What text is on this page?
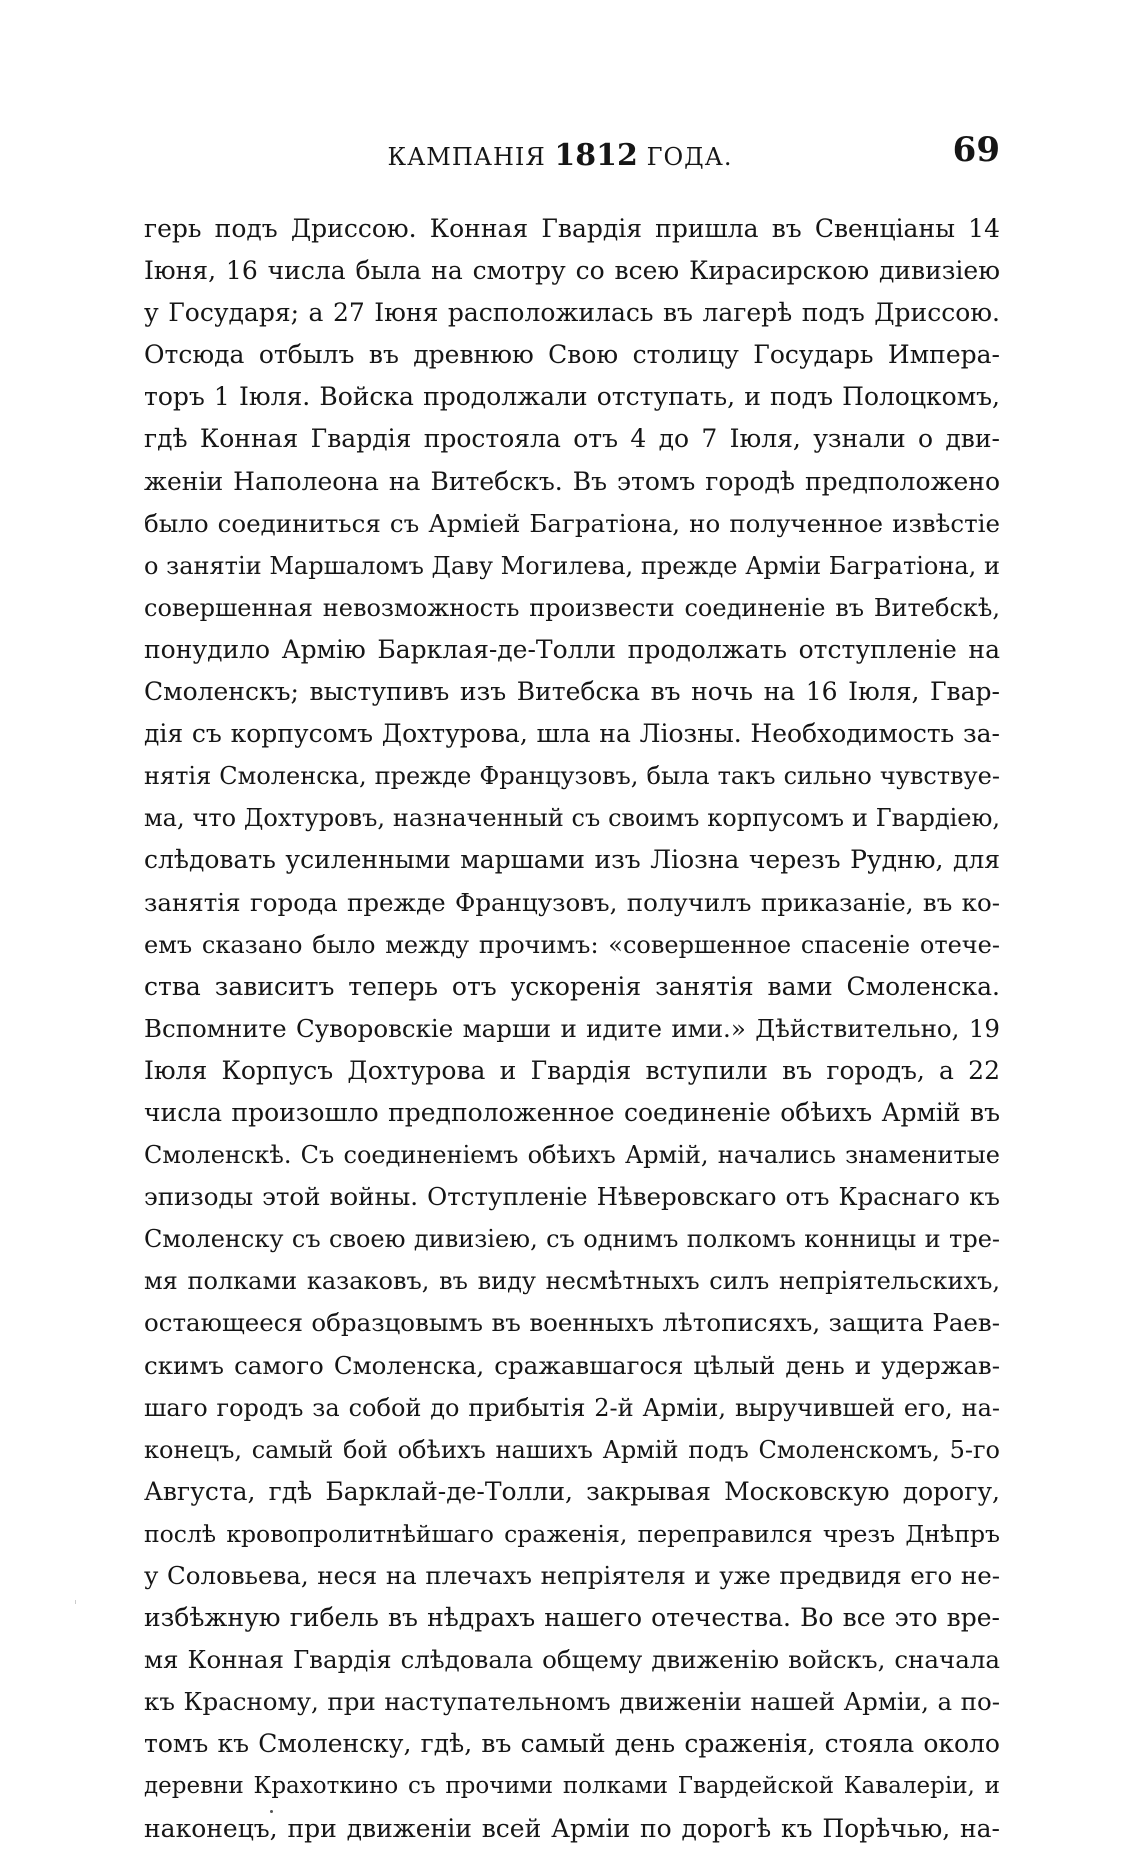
КАМПАНІЯ 1812 ГОДА.	69
герь подъ Дриссою. Конная Гвардія пришла въ Свенціаны 14
Іюня, 16 числа была на смотру со всею Кирасирскою дивизіею
у Государя; а 27 Іюня расположилась въ лагерѣ подъ Дриссою.
Отсюда отбылъ въ древнюю Свою столицу Государь Импера-
торъ 1 Іюля. Войска продолжали отступать, и подъ Полоцкомъ,
гдѣ Конная Гвардія простояла отъ 4 до 7 Іюля, узнали о дви-
женіи Наполеона на Витебскъ. Въ этомъ городѣ предположено
было соединиться съ Арміей Багратіона, но полученное извѣстіе
о занятіи Маршаломъ Даву Могилева, прежде Арміи Багратіона, и
совершенная невозможность произвести соединеніе въ Витебскѣ,
понудило Армію Барклая-де-Толли продолжать отступленіе на
Смоленскъ; выступивъ изъ Витебска въ ночь на 16 Іюля, Гвар-
дія съ корпусомъ Дохтурова, шла на Ліозны. Необходимость за-
нятія Смоленска, прежде Французовъ, была такъ сильно чувствуе-
ма, что Дохтуровъ, назначенный съ своимъ корпусомъ и Гвардіею,
слѣдовать усиленными маршами изъ Ліозна черезъ Рудню, для
занятія города прежде Французовъ, получилъ приказаніе, въ ко-
емъ сказано было между прочимъ: «совершенное спасеніе отече-
ства зависитъ теперь отъ ускоренія занятія вами Смоленска.
Вспомните Суворовскіе марши и идите ими.» Дѣйствительно, 19
Іюля Корпусъ Дохтурова и Гвардія вступили въ городъ, а 22
числа произошло предположенное соединеніе обѣихъ Армій въ
Смоленскѣ. Съ соединеніемъ обѣихъ Армій, начались знаменитые
эпизоды этой войны. Отступленіе Нѣверовскаго отъ Краснаго къ
Смоленску съ своею дивизіею, съ однимъ полкомъ конницы и тре-
мя полками казаковъ, въ виду несмѣтныхъ силъ непріятельскихъ,
остающееся образцовымъ въ военныхъ лѣтописяхъ, защита Раев-
скимъ самого Смоленска, сражавшагося цѣлый день и удержав-
шаго городъ за собой до прибытія 2-й Арміи, выручившей его, на-
конецъ, самый бой обѣихъ нашихъ Армій подъ Смоленскомъ, 5-го
Августа, гдѣ Барклай-де-Толли, закрывая Московскую дорогу,
послѣ кровопролитнѣйшаго сраженія, переправился чрезъ Днѣпръ
у Соловьева, неся на плечахъ непріятеля и уже предвидя его не-
избѣжную гибель въ нѣдрахъ нашего отечества. Во все это вре-
мя Конная Гвардія слѣдовала общему движенію войскъ, сначала
къ Красному, при наступательномъ движеніи нашей Арміи, а по-
томъ къ Смоленску, гдѣ, въ самый день сраженія, стояла около
деревни Крахоткино съ прочими полками Гвардейской Кавалеріи, и
наконецъ, при движеніи всей Арміи по дорогѣ къ Порѣчью, на-
